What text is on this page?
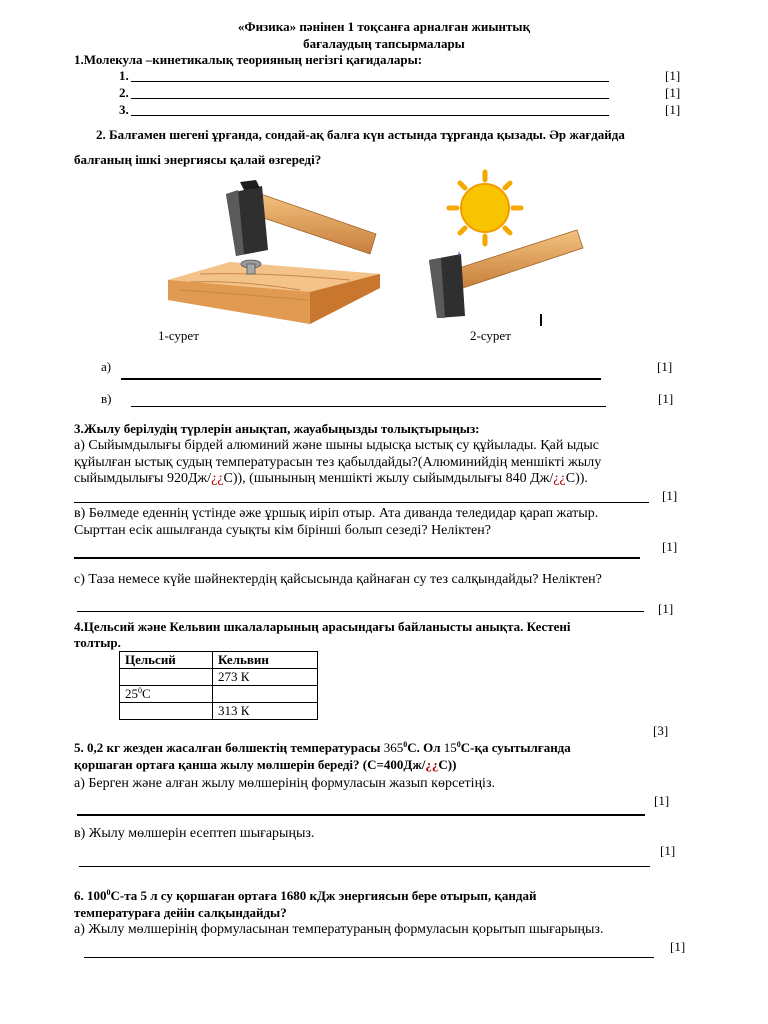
«Физика» пәнінен 1 тоқсанға арналған жиынтық
бағалаудың тапсырмалары
1.Молекула –кинетикалық теорияның негізгі қағидалары:
1.	[1]
2.	[1]
3.	[1]
2. Балғамен шегені ұрғанда, сондай-ақ балға күн астында тұрғанда қызады. Әр жағдайда
балғаның ішкі энергиясы қалай өзгереді?
1-сурет	2-сурет
а)	[1]
в)	[1]
3.Жылу берілудің түрлерін анықтап, жауабыңызды толықтырыңыз:
а) Сыйымдылығы бірдей алюминий және шыны ыдысқа ыстық су құйылады. Қай ыдыс
құйылған ыстық судың температурасын тез қабылдайды?(Алюминийдің меншікті жылу
сыйымдылығы 920Дж/¿¿С)), (шынының меншікті жылу сыйымдылығы 840 Дж/¿¿С)).
[1]
в) Бөлмеде еденнің үстінде әже ұршық иіріп отыр. Ата диванда теледидар қарап жатыр.
Сырттан есік ашылғанда суықты кім бірінші болып сезеді? Неліктен?
[1]
с) Таза немесе күйе шәйнектердің қайсысында қайнаған су тез салқындайды? Неліктен?
[1]
4.Цельсий және Кельвин шкалаларының арасындағы байланысты анықта. Кестені
толтыр.
Цельсий	Кельвин
	273 К
$25^0С$	
	313 К
[3]
5. 0,2 кг жезден жасалған бөлшектің температурасы $365^0С$. Ол $15^0С-қа$ суытылғанда
қоршаған ортаға қанша жылу мөлшерін береді? (С=400Дж/¿¿С))
а) Берген және алған жылу мөлшерінің формуласын жазып көрсетіңіз.
[1]
в) Жылу мөлшерін есептеп шығарыңыз.
[1]
6. $100^0С-та$ 5 л су қоршаған ортаға 1680 кДж энергиясын бере отырып, қандай
температураға дейін салқындайды?
а) Жылу мөлшерінің формуласынан температураның формуласын қорытып шығарыңыз.
[1]
